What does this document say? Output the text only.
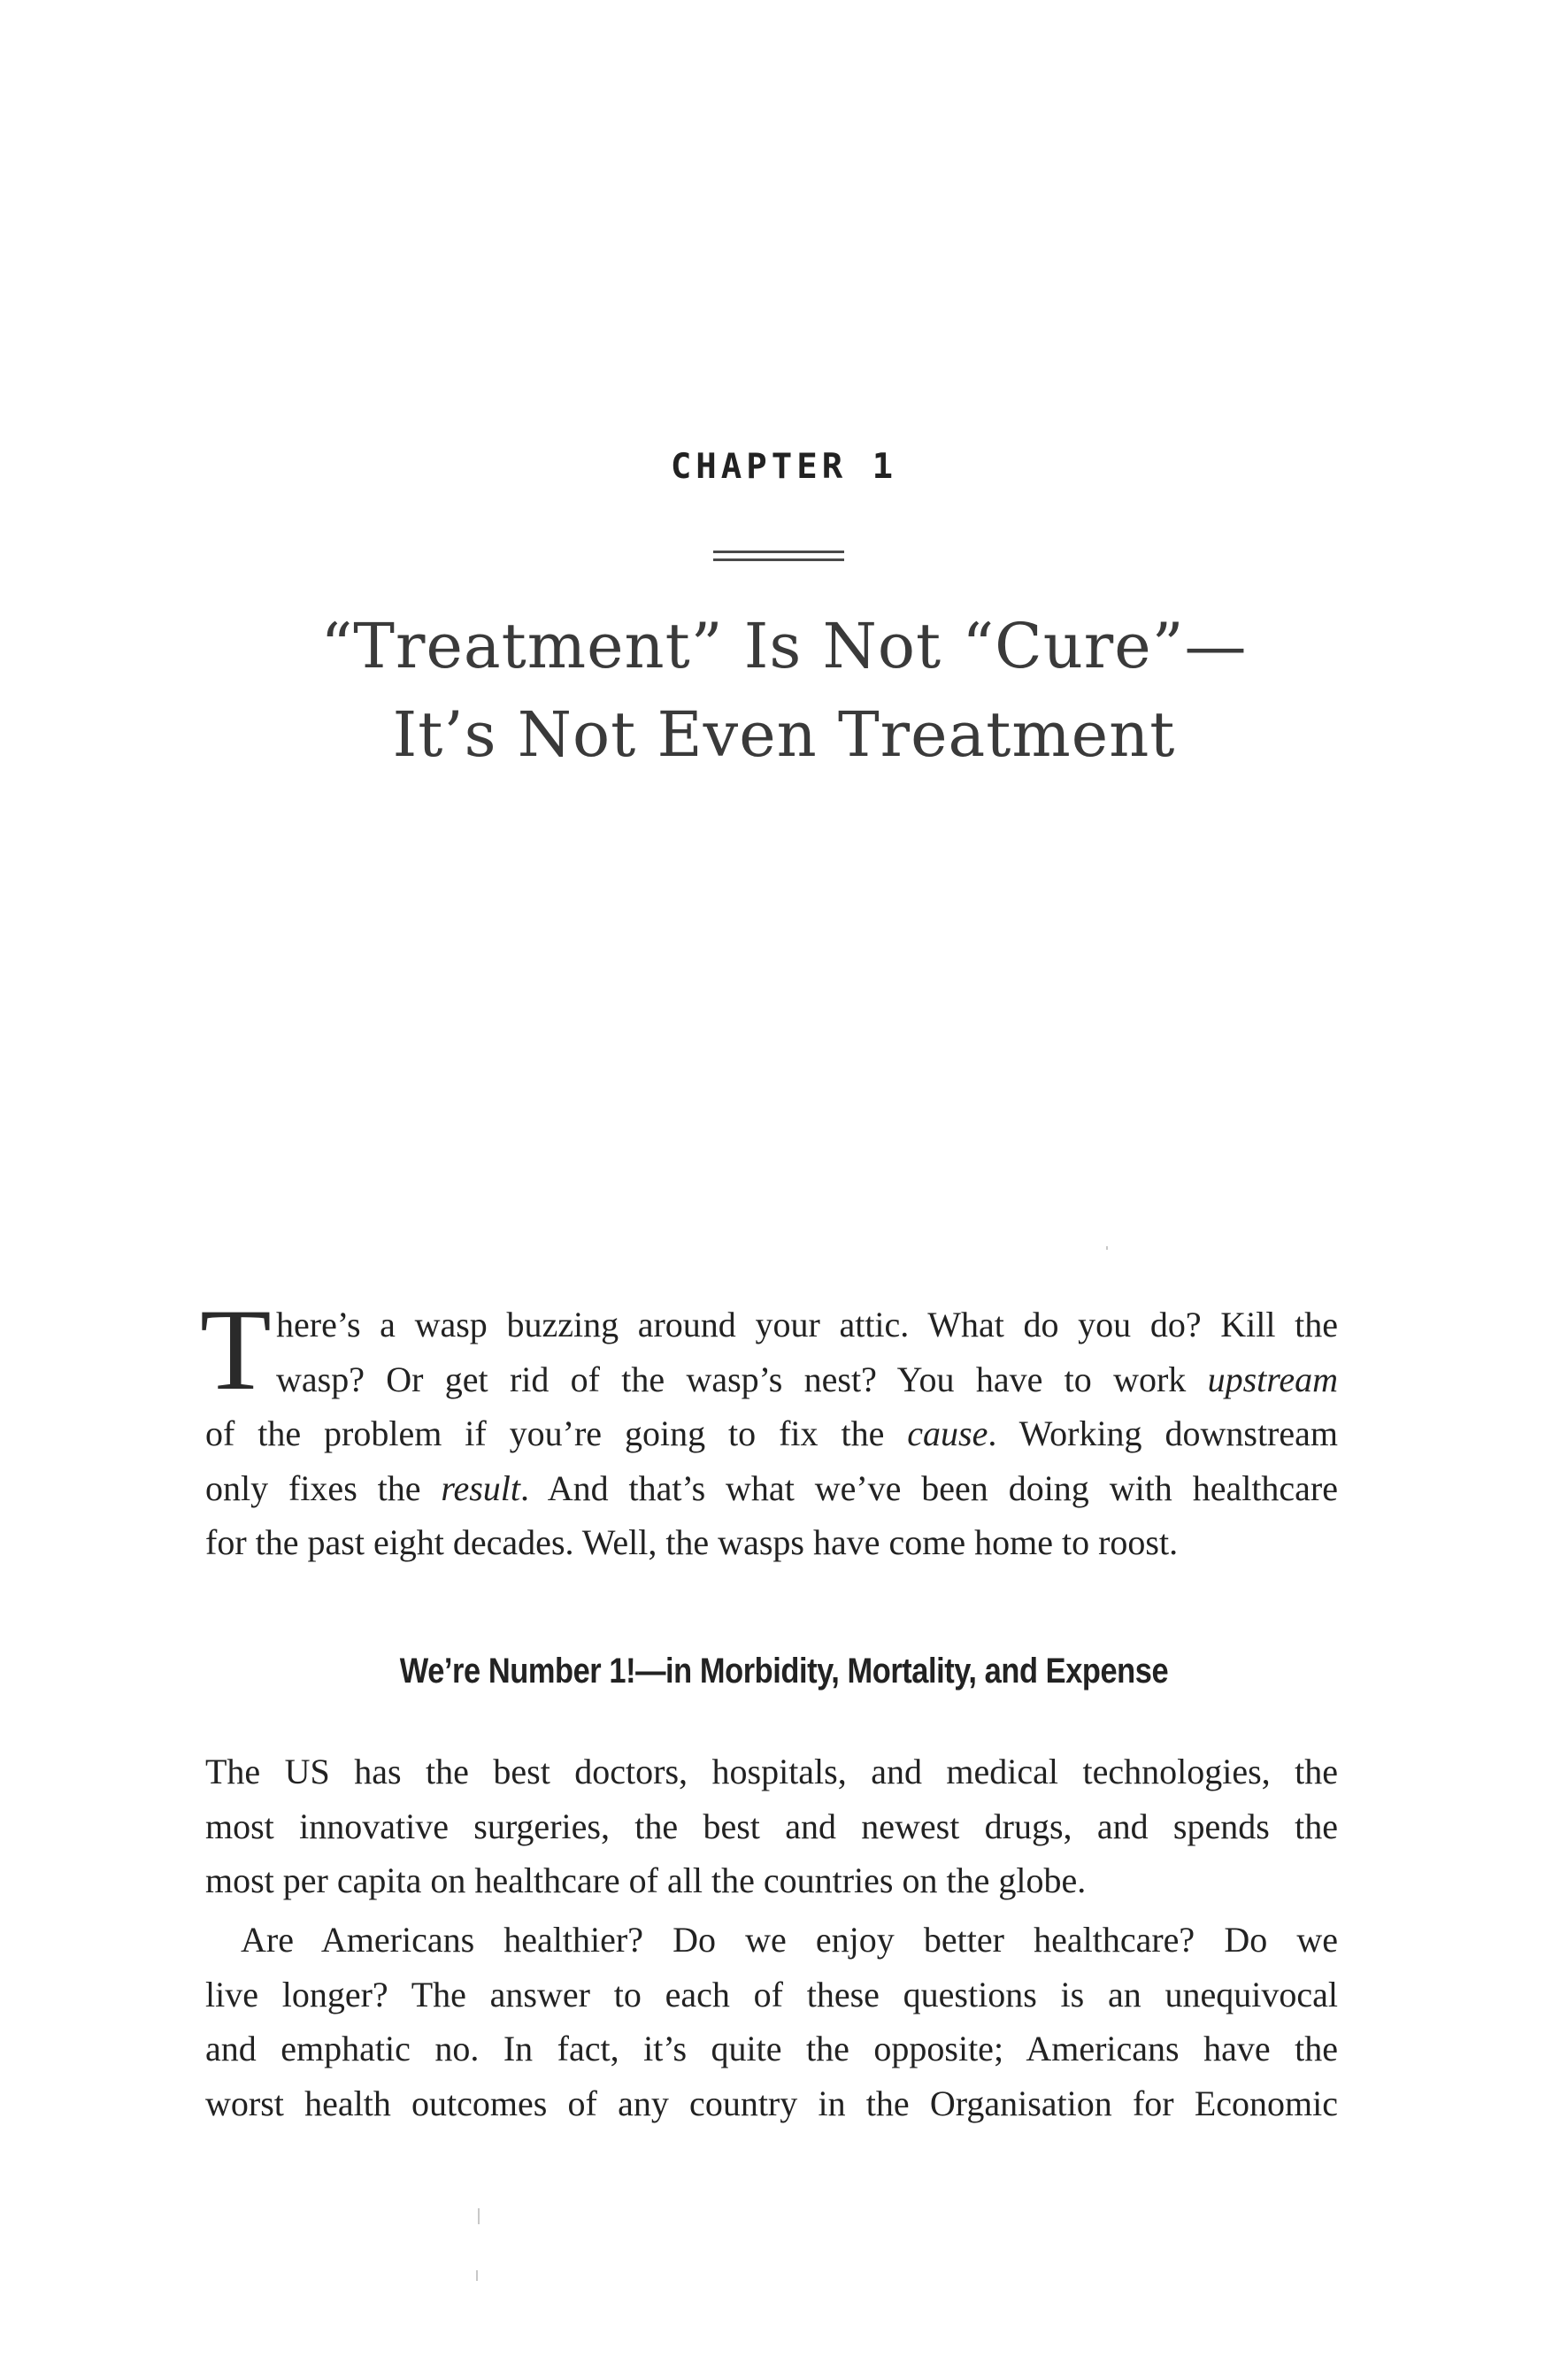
CHAPTER 1
“Treatment” Is Not “Cure”—
It’s Not Even Treatment
T here’s a wasp buzzing around your attic. What do you do? Kill the
wasp? Or get rid of the wasp’s nest? You have to work upstream
of the problem if you’re going to fix the cause. Working downstream
only fixes the result. And that’s what we’ve been doing with healthcare
for the past eight decades. Well, the wasps have come home to roost.
We’re Number 1!—in Morbidity, Mortality, and Expense
The US has the best doctors, hospitals, and medical technologies, the
most innovative surgeries, the best and newest drugs, and spends the
most per capita on healthcare of all the countries on the globe.
Are Americans healthier? Do we enjoy better healthcare? Do we
live longer? The answer to each of these questions is an unequivocal
and emphatic no. In fact, it’s quite the opposite; Americans have the
worst health outcomes of any country in the Organisation for Economic
